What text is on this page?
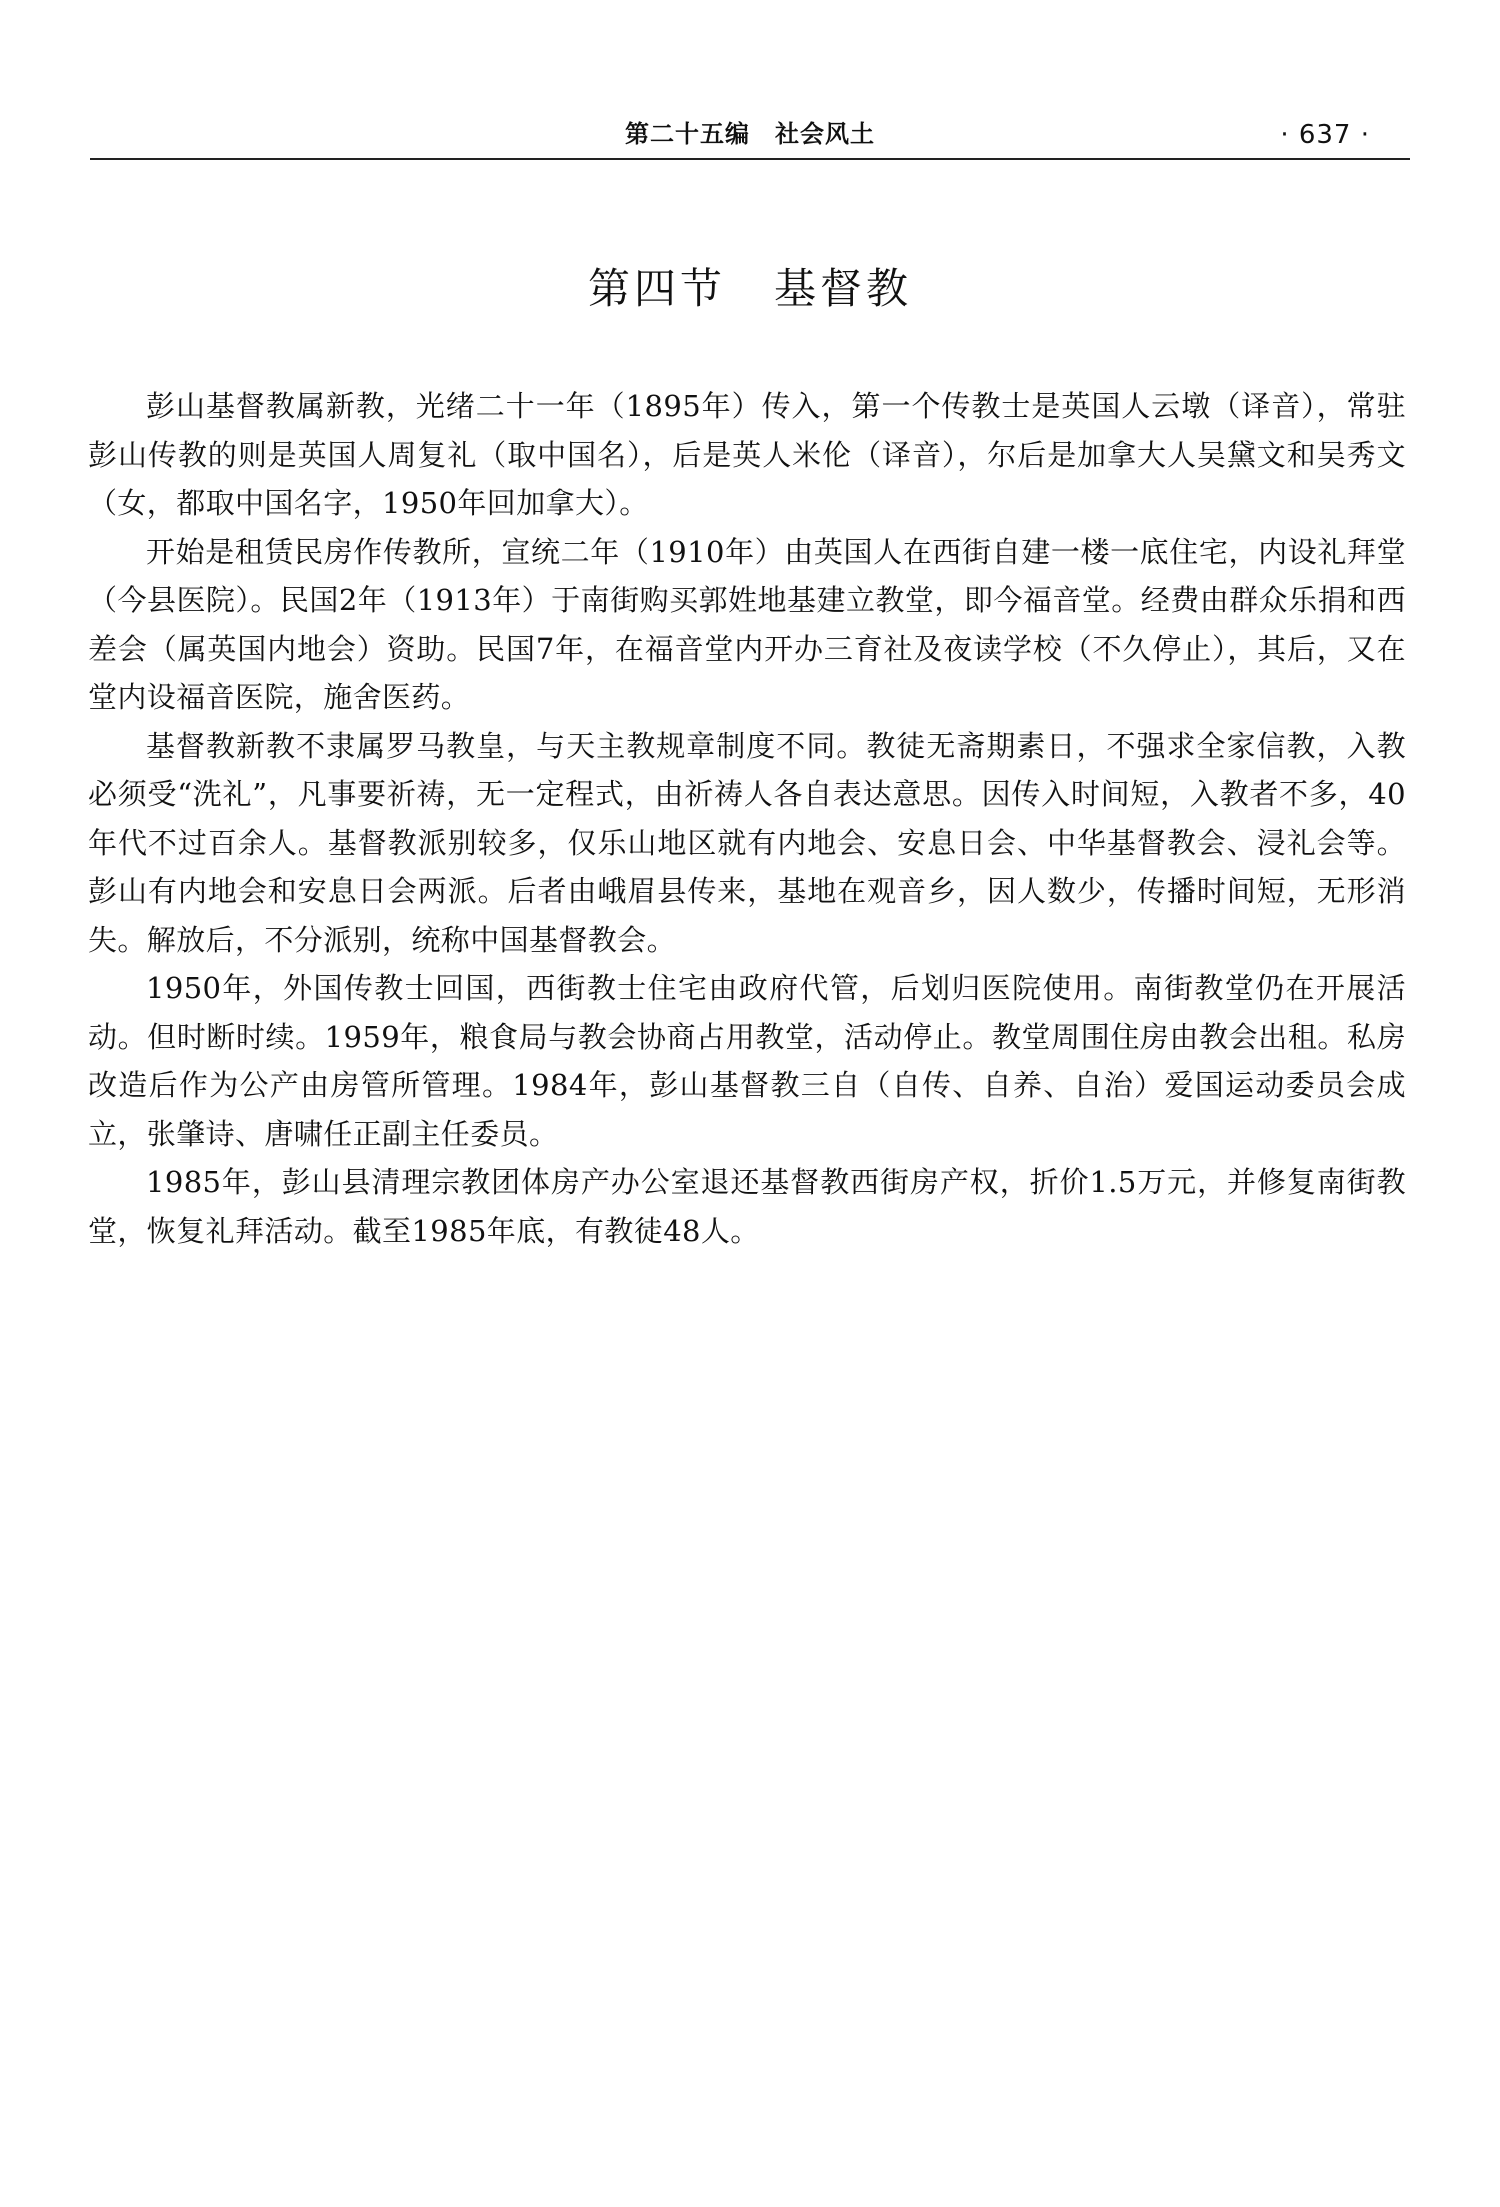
第二十五编　社会风土	· 637 ·
第四节 基督教

彭山基督教属新教，光绪二十一年（1895年）传入，第一个传教士是英国人云墩（译音），常驻彭山传教的则是英国人周复礼（取中国名），后是英人米伦（译音），尔后是加拿大人吴黛文和吴秀文（女，都取中国名字，1950年回加拿大）。

开始是租赁民房作传教所，宣统二年（1910年）由英国人在西街自建一楼一底住宅，内设礼拜堂（今县医院）。民国2年（1913年）于南街购买郭姓地基建立教堂，即今福音堂。经费由群众乐捐和西差会（属英国内地会）资助。民国7年，在福音堂内开办三育社及夜读学校（不久停止），其后，又在堂内设福音医院，施舍医药。

基督教新教不隶属罗马教皇，与天主教规章制度不同。教徒无斋期素日，不强求全家信教，入教必须受“洗礼”，凡事要祈祷，无一定程式，由祈祷人各自表达意思。因传入时间短，入教者不多，40年代不过百余人。基督教派别较多，仅乐山地区就有内地会、安息日会、中华基督教会、浸礼会等。彭山有内地会和安息日会两派。后者由峨眉县传来，基地在观音乡，因人数少，传播时间短，无形消失。解放后，不分派别，统称中国基督教会。

1950年，外国传教士回国，西街教士住宅由政府代管，后划归医院使用。南街教堂仍在开展活动。但时断时续。1959年，粮食局与教会协商占用教堂，活动停止。教堂周围住房由教会出租。私房改造后作为公产由房管所管理。1984年，彭山基督教三自（自传、自养、自治）爱国运动委员会成立，张肇诗、唐啸任正副主任委员。

1985年，彭山县清理宗教团体房产办公室退还基督教西街房产权，折价1.5万元，并修复南街教堂，恢复礼拜活动。截至1985年底，有教徒48人。
